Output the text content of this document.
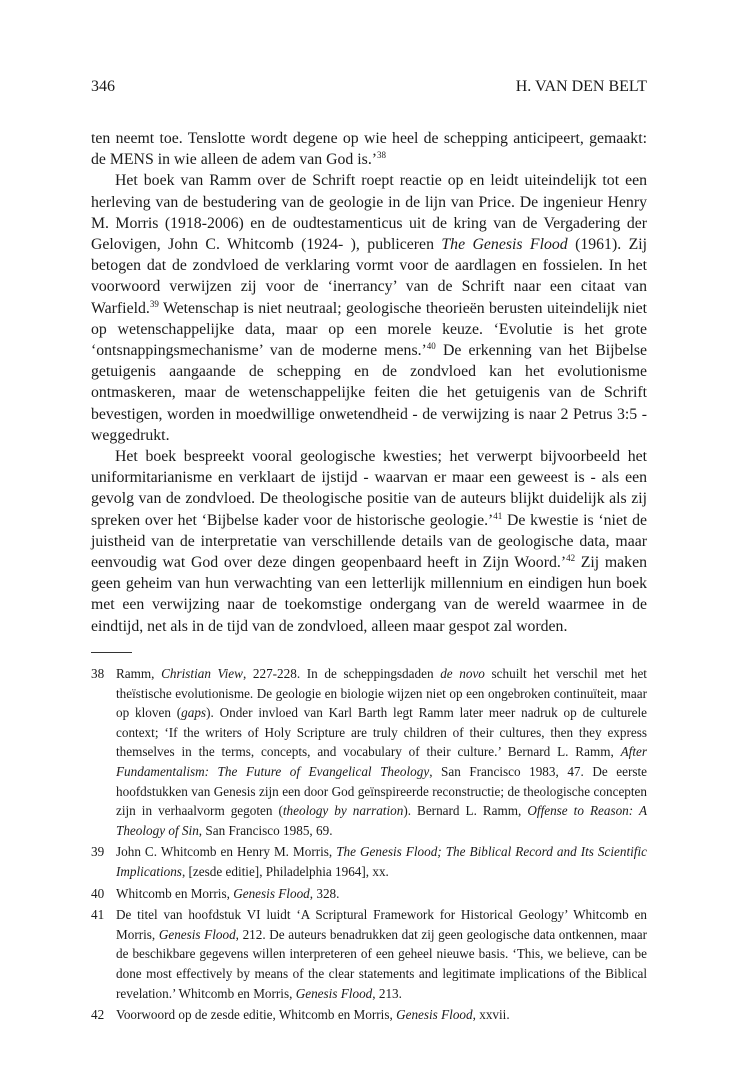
346	H. VAN DEN BELT

ten neemt toe. Tenslotte wordt degene op wie heel de schepping anticipeert, gemaakt: de MENS in wie alleen de adem van God is.’$^{38}$

Het boek van Ramm over de Schrift roept reactie op en leidt uiteindelijk tot een herleving van de bestudering van de geologie in de lijn van Price. De ingenieur Henry M. Morris (1918-2006) en de oudtestamenticus uit de kring van de Vergadering der Gelovigen, John C. Whitcomb (1924- ), publiceren The Genesis Flood (1961). Zij betogen dat de zondvloed de verklaring vormt voor de aardlagen en fossielen. In het voorwoord verwijzen zij voor de ‘inerrancy’ van de Schrift naar een citaat van Warfield.$^{39}$ Wetenschap is niet neutraal; geologische theorieën berusten uiteindelijk niet op wetenschappelijke data, maar op een morele keuze. ‘Evolutie is het grote ‘ontsnappingsmechanisme’ van de moderne mens.’$^{40}$ De erkenning van het Bijbelse getuigenis aangaande de schepping en de zondvloed kan het evolutionisme ontmaskeren, maar de wetenschappelijke feiten die het getuigenis van de Schrift bevestigen, worden in moedwillige onwetendheid - de verwijzing is naar 2 Petrus 3:5 - weggedrukt.

Het boek bespreekt vooral geologische kwesties; het verwerpt bijvoorbeeld het uniformitarianisme en verklaart de ijstijd - waarvan er maar een geweest is - als een gevolg van de zondvloed. De theologische positie van de auteurs blijkt duidelijk als zij spreken over het ‘Bijbelse kader voor de historische geologie.’$^{41}$ De kwestie is ‘niet de juistheid van de interpretatie van verschillende details van de geologische data, maar eenvoudig wat God over deze dingen geopenbaard heeft in Zijn Woord.’$^{42}$ Zij maken geen geheim van hun verwachting van een letterlijk millennium en eindigen hun boek met een verwijzing naar de toekomstige ondergang van de wereld waarmee in de eindtijd, net als in de tijd van de zondvloed, alleen maar gespot zal worden.

38 Ramm, Christian View, 227-228. In de scheppingsdaden de novo schuilt het verschil met het theïstische evolutionisme. De geologie en biologie wijzen niet op een ongebroken continuïteit, maar op kloven (gaps). Onder invloed van Karl Barth legt Ramm later meer nadruk op de culturele context; ‘If the writers of Holy Scripture are truly children of their cultures, then they express themselves in the terms, concepts, and vocabulary of their culture.’ Bernard L. Ramm, After Fundamentalism: The Future of Evangelical Theology, San Francisco 1983, 47. De eerste hoofdstukken van Genesis zijn een door God geïnspireerde reconstructie; de theologische concepten zijn in verhaalvorm gegoten (theology by narration). Bernard L. Ramm, Offense to Reason: A Theology of Sin, San Francisco 1985, 69.
39 John C. Whitcomb en Henry M. Morris, The Genesis Flood; The Biblical Record and Its Scientific Implications, [zesde editie], Philadelphia 1964], xx.
40 Whitcomb en Morris, Genesis Flood, 328.
41 De titel van hoofdstuk VI luidt ‘A Scriptural Framework for Historical Geology’ Whitcomb en Morris, Genesis Flood, 212. De auteurs benadrukken dat zij geen geologische data ontkennen, maar de beschikbare gegevens willen interpreteren of een geheel nieuwe basis. ‘This, we believe, can be done most effectively by means of the clear statements and legitimate implications of the Biblical revelation.’ Whitcomb en Morris, Genesis Flood, 213.
42 Voorwoord op de zesde editie, Whitcomb en Morris, Genesis Flood, xxvii.
